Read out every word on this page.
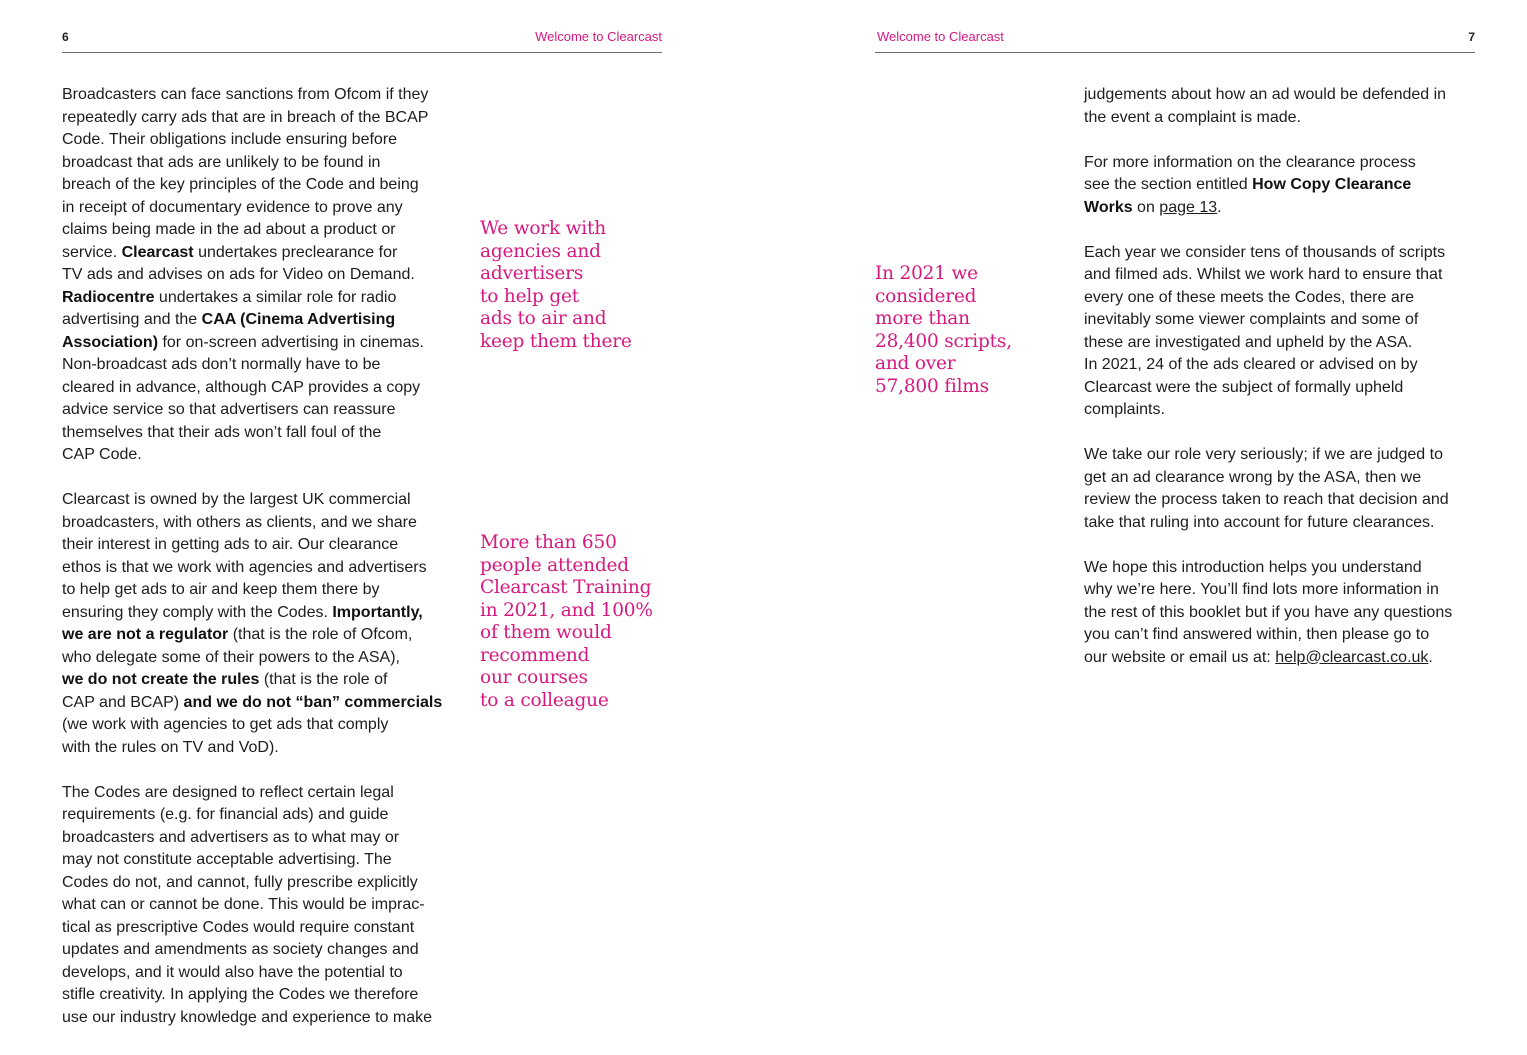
6	Welcome to Clearcast

Broadcasters can face sanctions from Ofcom if they
repeatedly carry ads that are in breach of the BCAP
Code. Their obligations include ensuring before
broadcast that ads are unlikely to be found in
breach of the key principles of the Code and being
in receipt of documentary evidence to prove any
claims being made in the ad about a product or
service. Clearcast undertakes preclearance for
TV ads and advises on ads for Video on Demand.
Radiocentre undertakes a similar role for radio
advertising and the CAA (Cinema Advertising
Association) for on-screen advertising in cinemas.
Non-broadcast ads don’t normally have to be
cleared in advance, although CAP provides a copy
advice service so that advertisers can reassure
themselves that their ads won’t fall foul of the
CAP Code.

Clearcast is owned by the largest UK commercial
broadcasters, with others as clients, and we share
their interest in getting ads to air. Our clearance
ethos is that we work with agencies and advertisers
to help get ads to air and keep them there by
ensuring they comply with the Codes. Importantly,
we are not a regulator (that is the role of Ofcom,
who delegate some of their powers to the ASA),
we do not create the rules (that is the role of
CAP and BCAP) and we do not “ban” commercials
(we work with agencies to get ads that comply
with the rules on TV and VoD).

The Codes are designed to reflect certain legal
requirements (e.g. for financial ads) and guide
broadcasters and advertisers as to what may or
may not constitute acceptable advertising. The
Codes do not, and cannot, fully prescribe explicitly
what can or cannot be done. This would be imprac-
tical as prescriptive Codes would require constant
updates and amendments as society changes and
develops, and it would also have the potential to
stifle creativity. In applying the Codes we therefore
use our industry knowledge and experience to make

We work with
agencies and
advertisers
to help get
ads to air and
keep them there
More than 650
people attended
Clearcast Training
in 2021, and 100%
of them would
recommend
our courses
to a colleague
Welcome to Clearcast	7
In 2021 we
considered
more than
28,400 scripts,
and over
57,800 films

judgements about how an ad would be defended in
the event a complaint is made.

For more information on the clearance process
see the section entitled How Copy Clearance
Works on page 13.

Each year we consider tens of thousands of scripts
and filmed ads. Whilst we work hard to ensure that
every one of these meets the Codes, there are
inevitably some viewer complaints and some of
these are investigated and upheld by the ASA.
In 2021, 24 of the ads cleared or advised on by
Clearcast were the subject of formally upheld
complaints.

We take our role very seriously; if we are judged to
get an ad clearance wrong by the ASA, then we
review the process taken to reach that decision and
take that ruling into account for future clearances.

We hope this introduction helps you understand
why we’re here. You’ll find lots more information in
the rest of this booklet but if you have any questions
you can’t find answered within, then please go to
our website or email us at: help@clearcast.co.uk.
